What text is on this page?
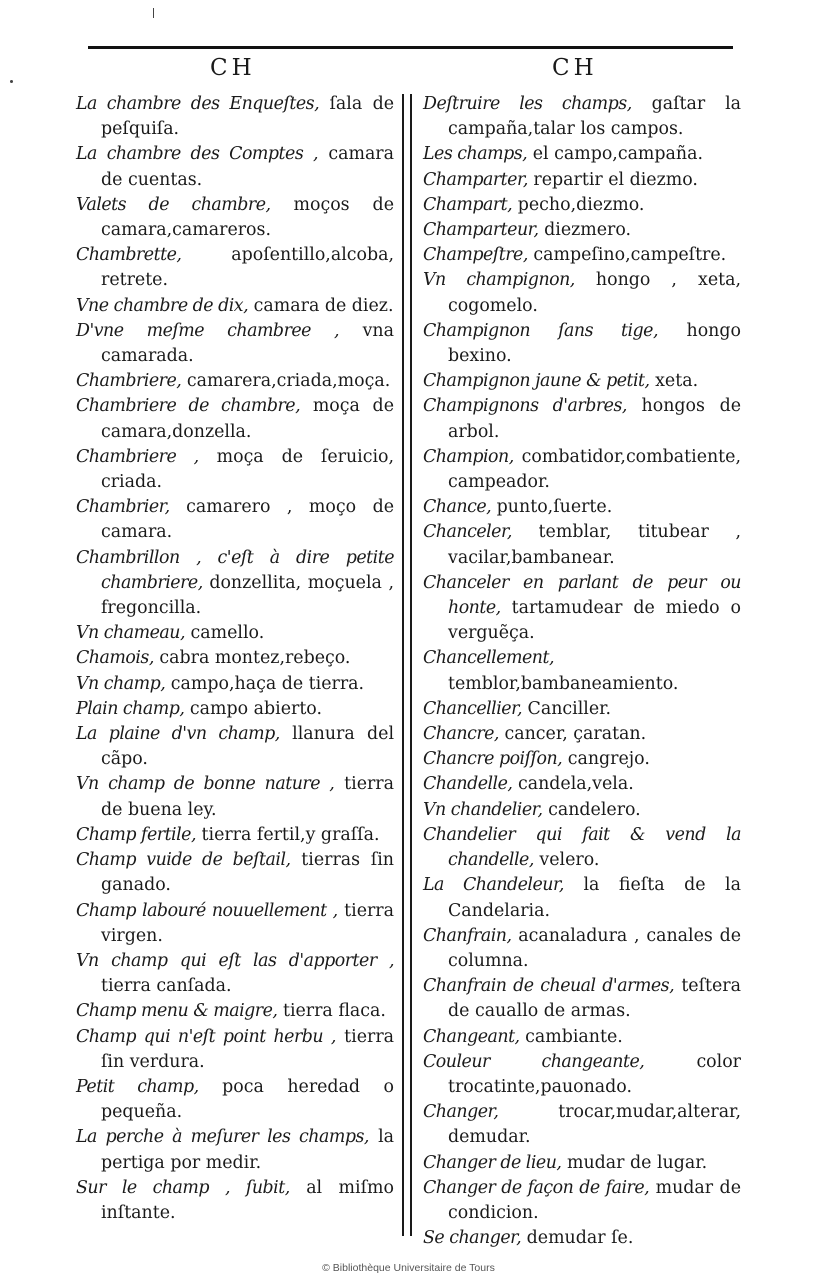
CH	CH
La chambre des Enqueſtes, ſala de peſquiſa.
La chambre des Comptes , camara de cuentas.
Valets de chambre, moços de camara,camareros.
Chambrette,	apoſentillo,alcoba, retrete.
Vne chambre de dix, camara de diez.
D'vne meſme chambree , vna camarada.
Chambriere, camarera,criada,moça.
Chambriere de chambre, moça de camara,donzella.
Chambriere , moça de ſeruicio, criada.
Chambrier, camarero , moço de camara.
Chambrillon , c'eſt à dire petite chambriere, donzellita, moçuela , fregoncilla.
Vn chameau, camello.
Chamois, cabra montez,rebeço.
Vn champ, campo,haça de tierra.
Plain champ, campo abierto.
La plaine d'vn champ, llanura del cãpo.
Vn champ de bonne nature , tierra de buena ley.
Champ fertile, tierra fertil,y graſſa.
Champ vuide de beſtail, tierras ſin ganado.
Champ labouré nouuellement , tierra virgen.
Vn champ qui eſt las d'apporter , tierra canſada.
Champ menu & maigre, tierra flaca.
Champ qui n'eſt point herbu , tierra ſin verdura.
Petit champ, poca heredad o pequeña.
La perche à meſurer les champs, la pertiga por medir.
Sur le champ , ſubit, al miſmo inſtante.
Deſtruire les champs, gaſtar la campaña,talar los campos.
Les champs, el campo,campaña.
Champarter, repartir el diezmo.
Champart, pecho,diezmo.
Champarteur, diezmero.
Champeſtre, campeſino,campeſtre.
Vn champignon, hongo , xeta, cogomelo.
Champignon ſans tige, hongo bexino.
Champignon jaune & petit, xeta.
Champignons d'arbres, hongos de arbol.
Champion, combatidor,combatiente, campeador.
Chance, punto,ſuerte.
Chanceler, temblar, titubear , vacilar,bambanear.
Chanceler en parlant de peur ou honte, tartamudear de miedo o verguẽça.
Chancellement, temblor,bambaneamiento.
Chancellier, Canciller.
Chancre, cancer, çaratan.
Chancre poiſſon, cangrejo.
Chandelle, candela,vela.
Vn chandelier, candelero.
Chandelier qui fait & vend la chandelle, velero.
La Chandeleur, la fieſta de la Candelaria.
Chanfrain, acanaladura , canales de columna.
Chanfrain de cheual d'armes, teſtera de cauallo de armas.
Changeant, cambiante.
Couleur changeante,	color trocatinte,pauonado.
Changer,	trocar,mudar,alterar, demudar.
Changer de lieu, mudar de lugar.
Changer de façon de faire, mudar de condicion.
Se changer, demudar ſe.
© Bibliothèque Universitaire de Tours
